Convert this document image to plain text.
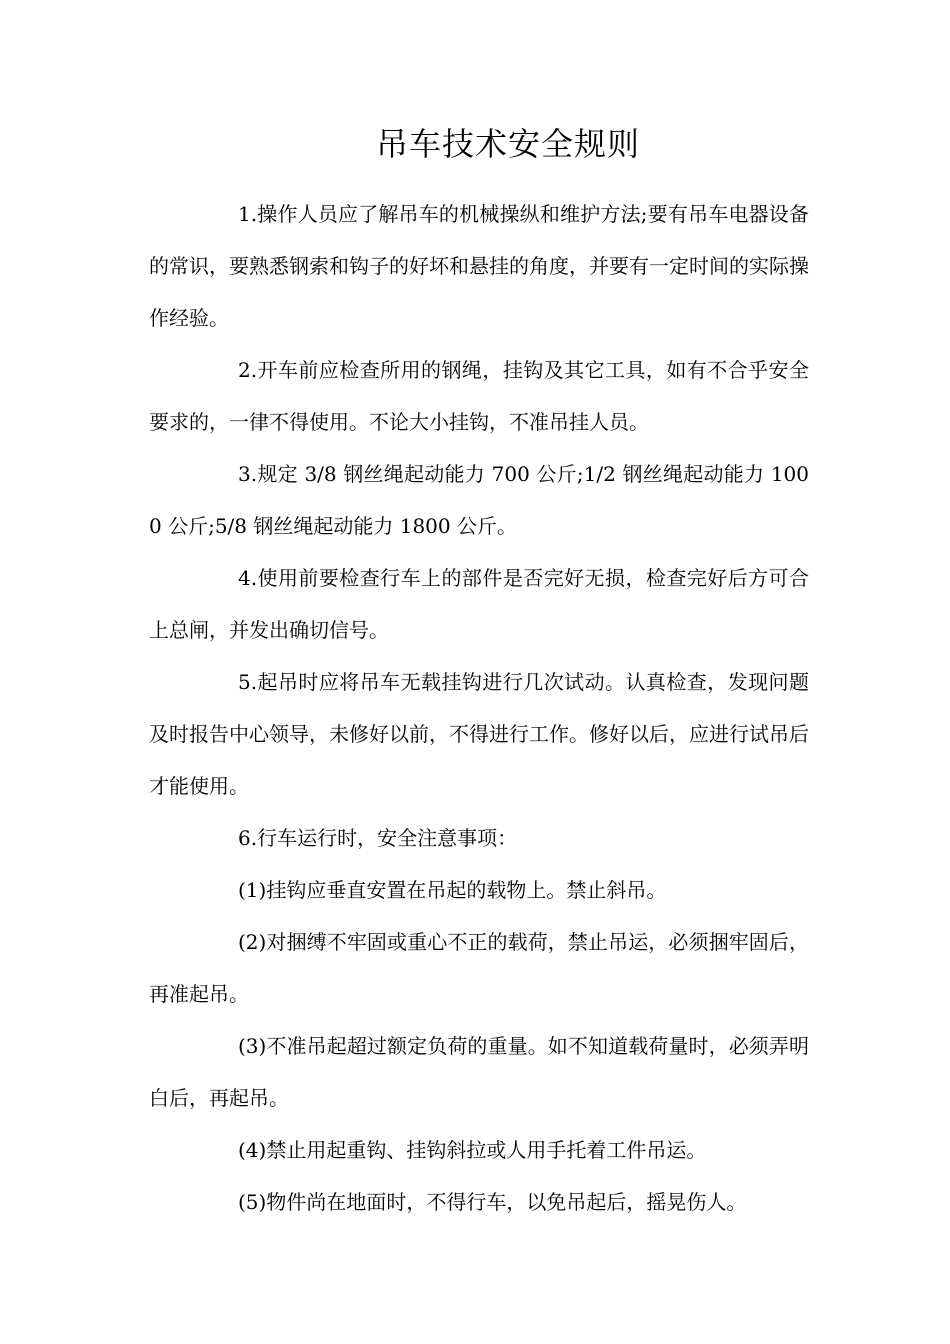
吊车技术安全规则

1.操作人员应了解吊车的机械操纵和维护方法;要有吊车电器设备的常识，要熟悉钢索和钩子的好坏和悬挂的角度，并要有一定时间的实际操作经验。

2.开车前应检查所用的钢绳，挂钩及其它工具，如有不合乎安全要求的，一律不得使用。不论大小挂钩，不准吊挂人员。

3.规定 3/8 钢丝绳起动能力 700 公斤;1/2 钢丝绳起动能力 1000 公斤;5/8 钢丝绳起动能力 1800 公斤。

4.使用前要检查行车上的部件是否完好无损，检查完好后方可合上总闸，并发出确切信号。

5.起吊时应将吊车无载挂钩进行几次试动。认真检查，发现问题及时报告中心领导，未修好以前，不得进行工作。修好以后，应进行试吊后才能使用。

6.行车运行时，安全注意事项：

(1)挂钩应垂直安置在吊起的载物上。禁止斜吊。

(2)对捆缚不牢固或重心不正的载荷，禁止吊运，必须捆牢固后，再准起吊。

(3)不准吊起超过额定负荷的重量。如不知道载荷量时，必须弄明白后，再起吊。

(4)禁止用起重钩、挂钩斜拉或人用手托着工件吊运。

(5)物件尚在地面时，不得行车，以免吊起后，摇晃伤人。
